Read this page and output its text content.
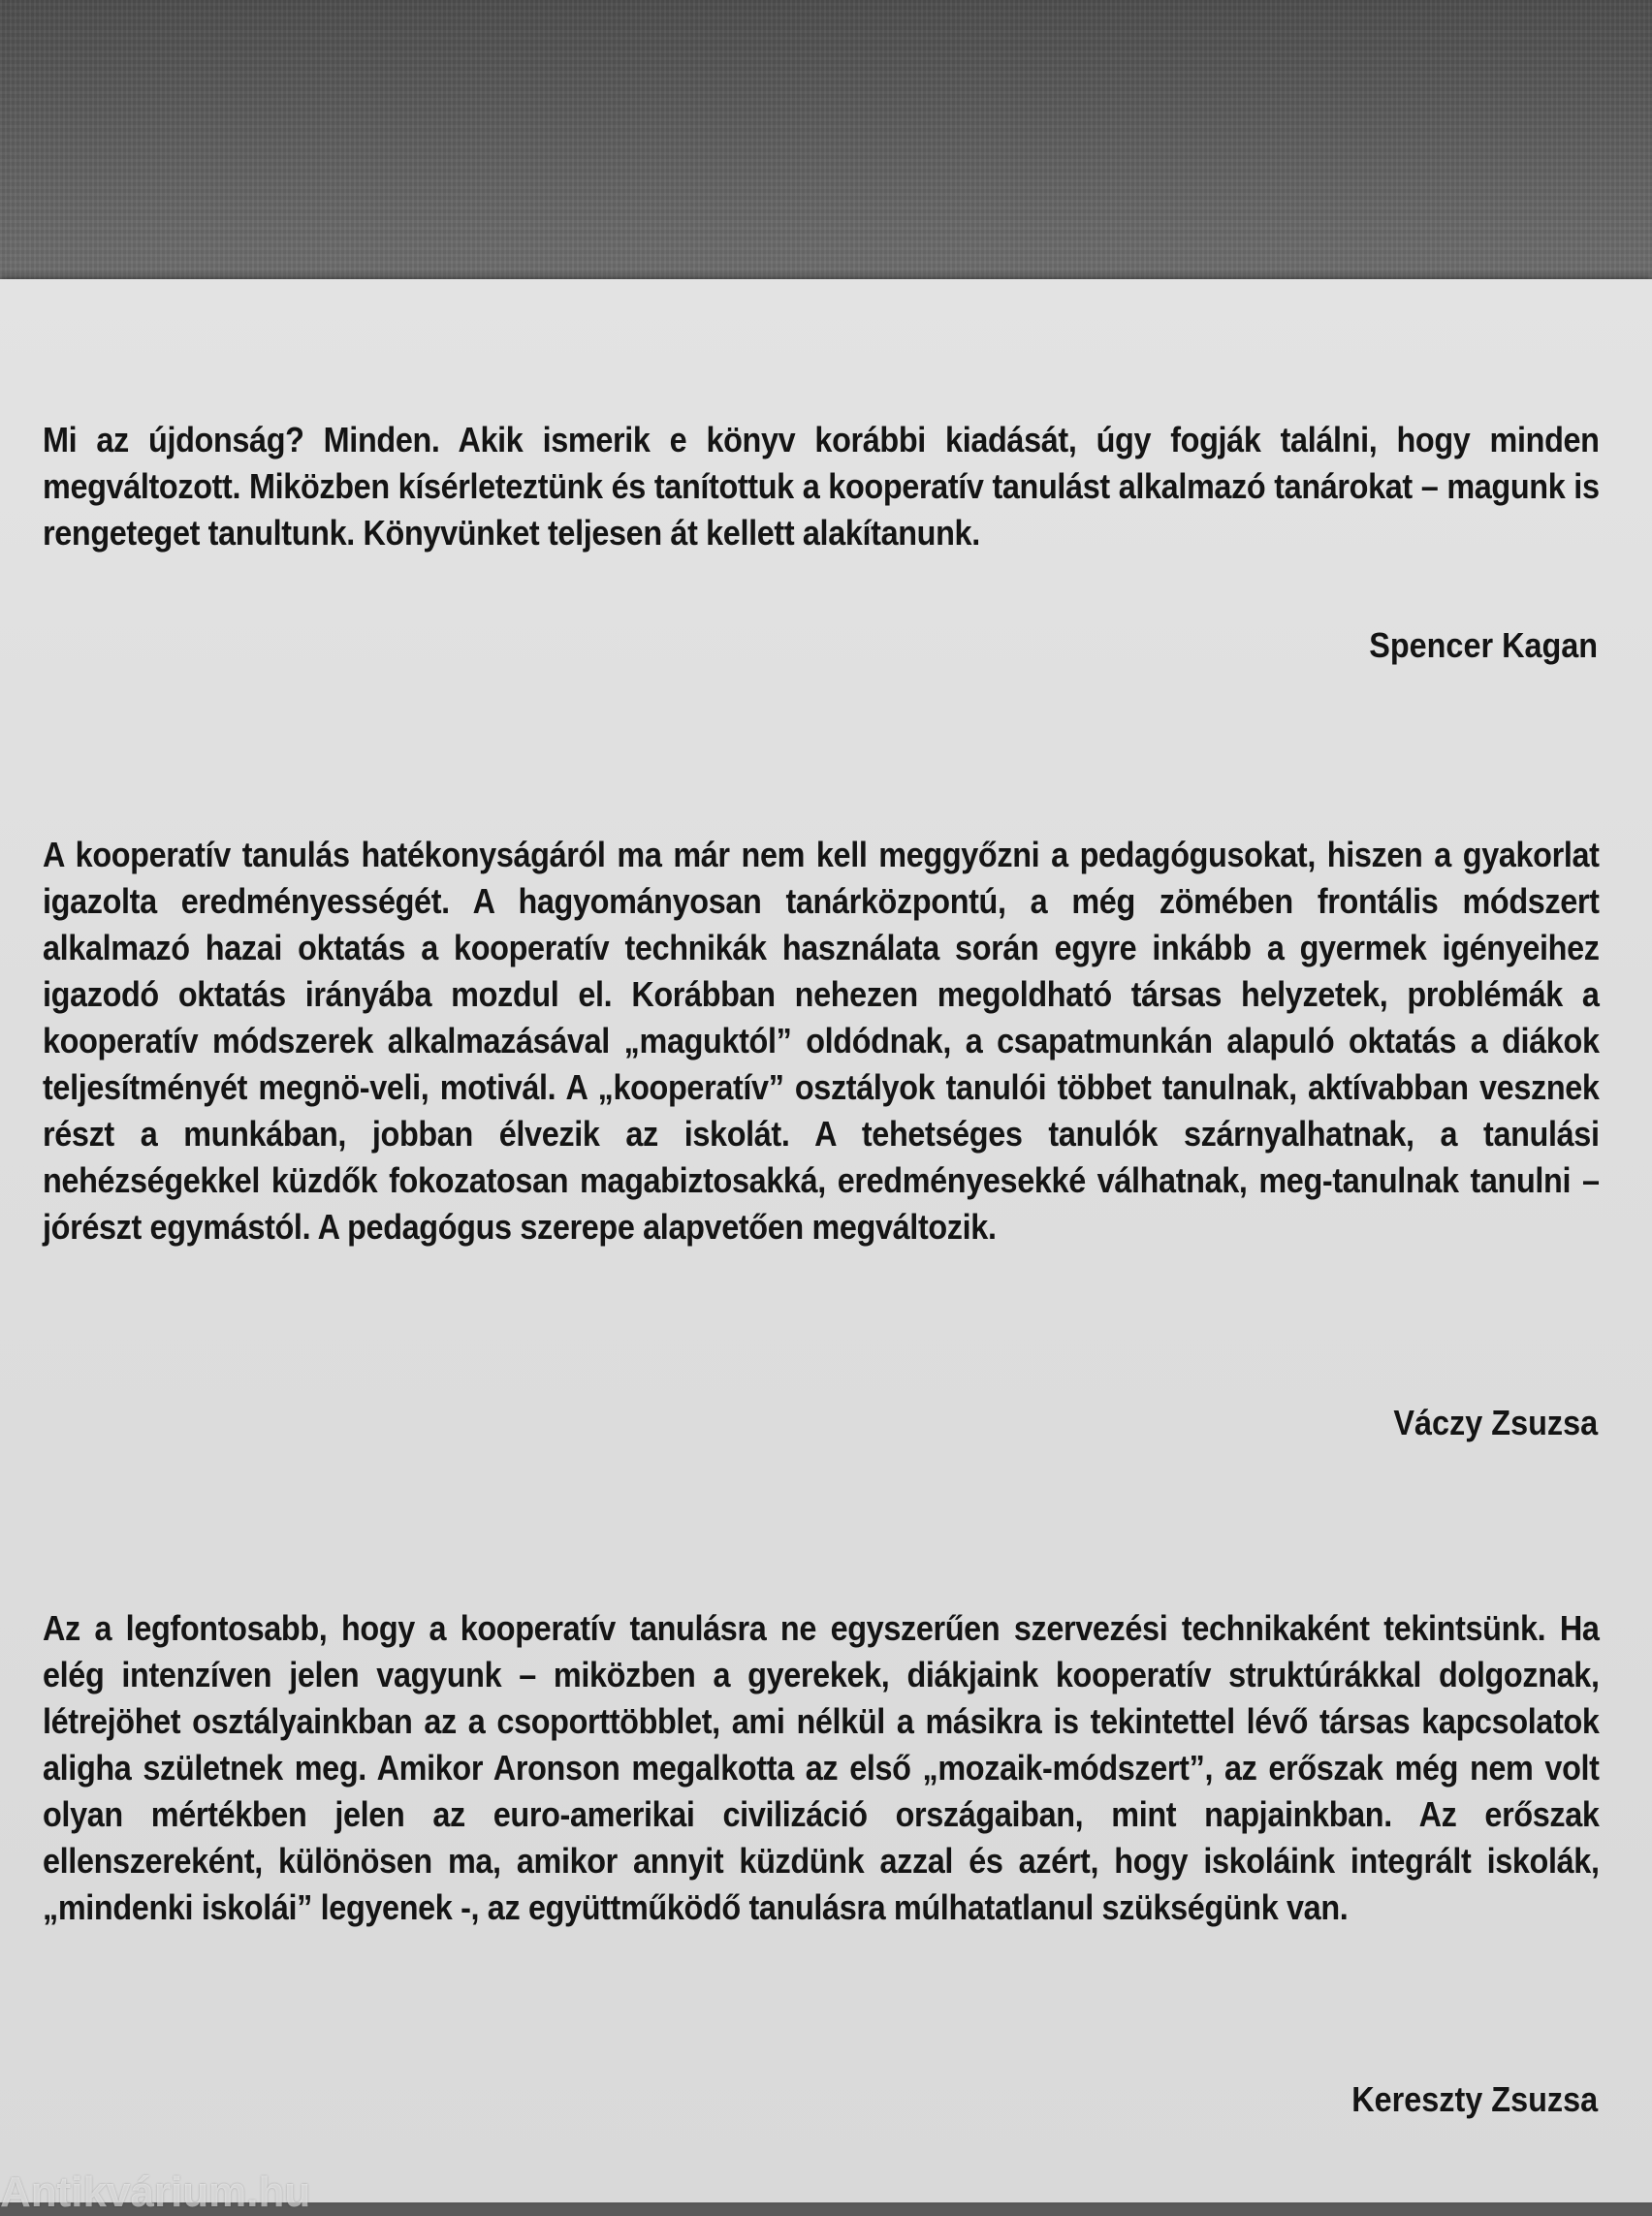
Mi az újdonság? Minden. Akik ismerik e könyv korábbi kiadását, úgy fogják találni, hogy minden megváltozott. Miközben kísérleteztünk és tanítottuk a kooperatív tanulást alkalmazó tanárokat – magunk is rengeteget tanultunk. Könyvünket teljesen át kellett alakítanunk.

Spencer Kagan

A kooperatív tanulás hatékonyságáról ma már nem kell meggyőzni a pedagógusokat, hiszen a gyakorlat igazolta eredményességét. A hagyományosan tanárközpontú, a még zömében frontális módszert alkalmazó hazai oktatás a kooperatív technikák használata során egyre inkább a gyermek igényeihez igazodó oktatás irányába mozdul el. Korábban nehezen megoldható társas helyzetek, problémák a kooperatív módszerek alkalmazásával „maguktól” oldódnak, a csapatmunkán alapuló oktatás a diákok teljesítményét megnö-veli, motivál. A „kooperatív” osztályok tanulói többet tanulnak, aktívabban vesznek részt a munkában, jobban élvezik az iskolát. A tehetséges tanulók szárnyalhatnak, a tanulási nehézségekkel küzdők fokozatosan magabiztosakká, eredményesekké válhatnak, meg-tanulnak tanulni – jórészt egymástól. A pedagógus szerepe alapvetően megváltozik.

Váczy Zsuzsa

Az a legfontosabb, hogy a kooperatív tanulásra ne egyszerűen szervezési technikaként tekintsünk. Ha elég intenzíven jelen vagyunk – miközben a gyerekek, diákjaink kooperatív struktúrákkal dolgoznak, létrejöhet osztályainkban az a csoporttöbblet, ami nélkül a másikra is tekintettel lévő társas kapcsolatok aligha születnek meg. Amikor Aronson megalkotta az első „mozaik-módszert”, az erőszak még nem volt olyan mértékben jelen az euro-amerikai civilizáció országaiban, mint napjainkban. Az erőszak ellenszereként, különösen ma, amikor annyit küzdünk azzal és azért, hogy iskoláink integrált iskolák, „mindenki iskolái” legyenek -, az együttműködő tanulásra múlhatatlanul szükségünk van.

Kereszty Zsuzsa
Antikvárium.hu
